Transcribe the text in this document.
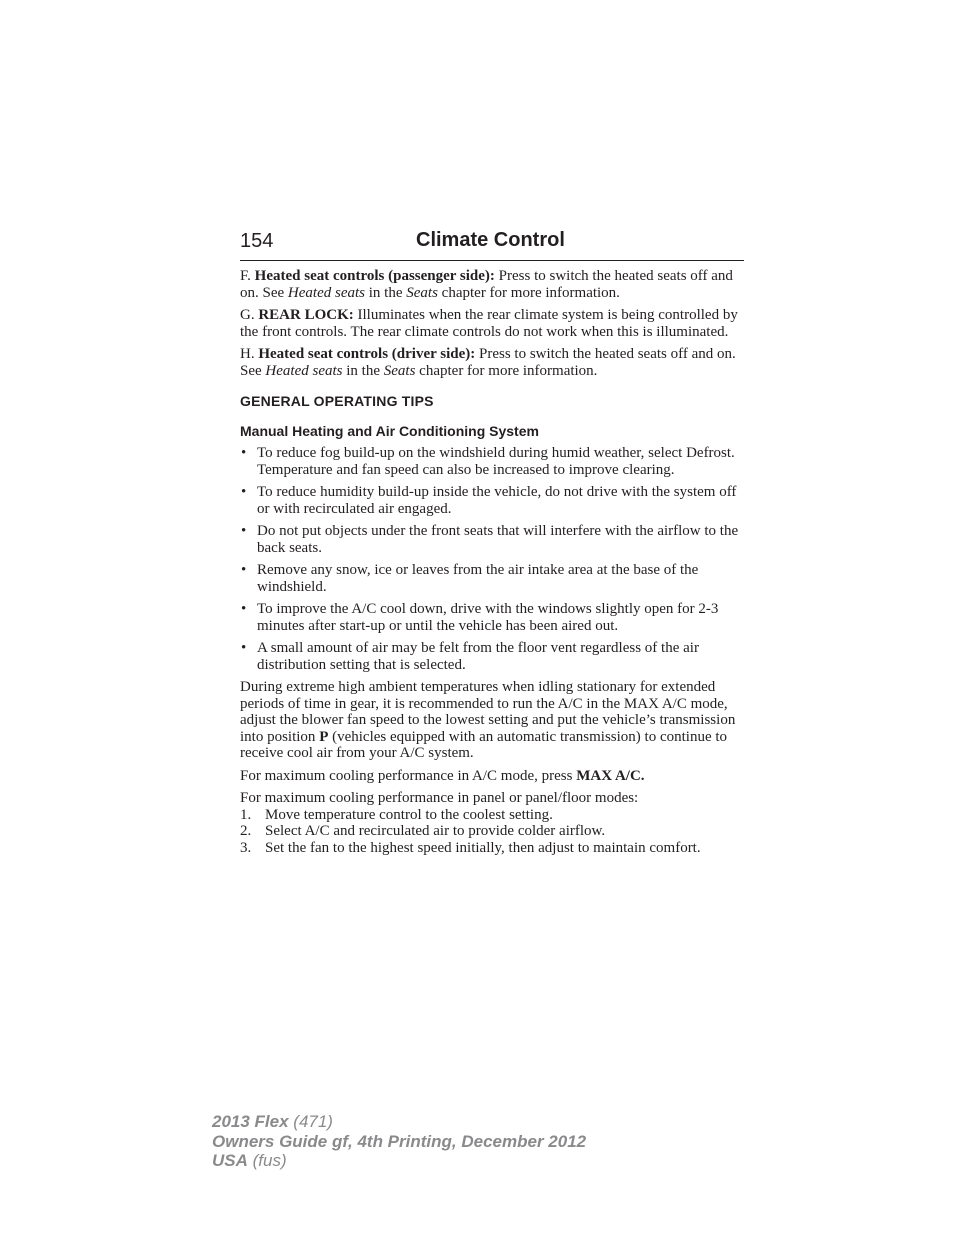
154	Climate Control

F. Heated seat controls (passenger side): Press to switch the heated seats off and on. See Heated seats in the Seats chapter for more information.

G. REAR LOCK: Illuminates when the rear climate system is being controlled by the front controls. The rear climate controls do not work when this is illuminated.

H. Heated seat controls (driver side): Press to switch the heated seats off and on. See Heated seats in the Seats chapter for more information.

GENERAL OPERATING TIPS
Manual Heating and Air Conditioning System
• To reduce fog build-up on the windshield during humid weather, select Defrost. Temperature and fan speed can also be increased to improve clearing.
• To reduce humidity build-up inside the vehicle, do not drive with the system off or with recirculated air engaged.
• Do not put objects under the front seats that will interfere with the airflow to the back seats.
• Remove any snow, ice or leaves from the air intake area at the base of the windshield.
• To improve the A/C cool down, drive with the windows slightly open for 2-3 minutes after start-up or until the vehicle has been aired out.
• A small amount of air may be felt from the floor vent regardless of the air distribution setting that is selected.

During extreme high ambient temperatures when idling stationary for extended periods of time in gear, it is recommended to run the A/C in the MAX A/C mode, adjust the blower fan speed to the lowest setting and put the vehicle’s transmission into position P (vehicles equipped with an automatic transmission) to continue to receive cool air from your A/C system.

For maximum cooling performance in A/C mode, press MAX A/C.

For maximum cooling performance in panel or panel/floor modes:

1. Move temperature control to the coolest setting.
2. Select A/C and recirculated air to provide colder airflow.
3. Set the fan to the highest speed initially, then adjust to maintain comfort.
2013 Flex (471)
Owners Guide gf, 4th Printing, December 2012
USA (fus)
